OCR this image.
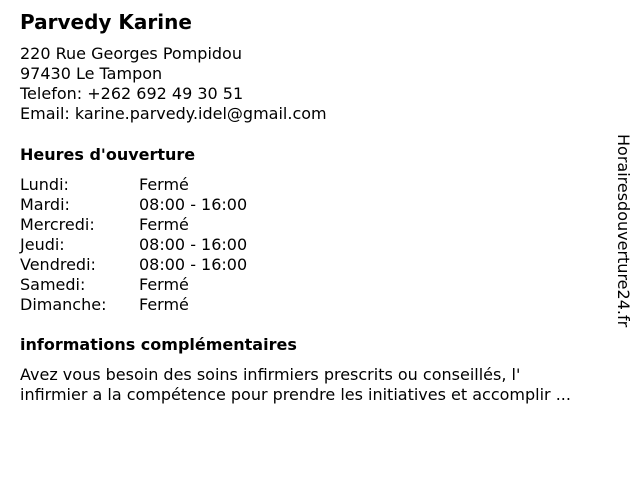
Parvedy Karine
220 Rue Georges Pompidou
97430 Le Tampon
Telefon: +262 692 49 30 51
Email: karine.parvedy.idel@gmail.com
Heures d'ouverture
Lundi:	Fermé
Mardi:	08:00 - 16:00
Mercredi:	Fermé
Jeudi:	08:00 - 16:00
Vendredi:	08:00 - 16:00
Samedi:	Fermé
Dimanche: Fermé
informations complémentaires
Avez vous besoin des soins infirmiers prescrits ou conseillés, l'
infirmier a la compétence pour prendre les initiatives et accomplir ...
Horairesdouverture24.fr
